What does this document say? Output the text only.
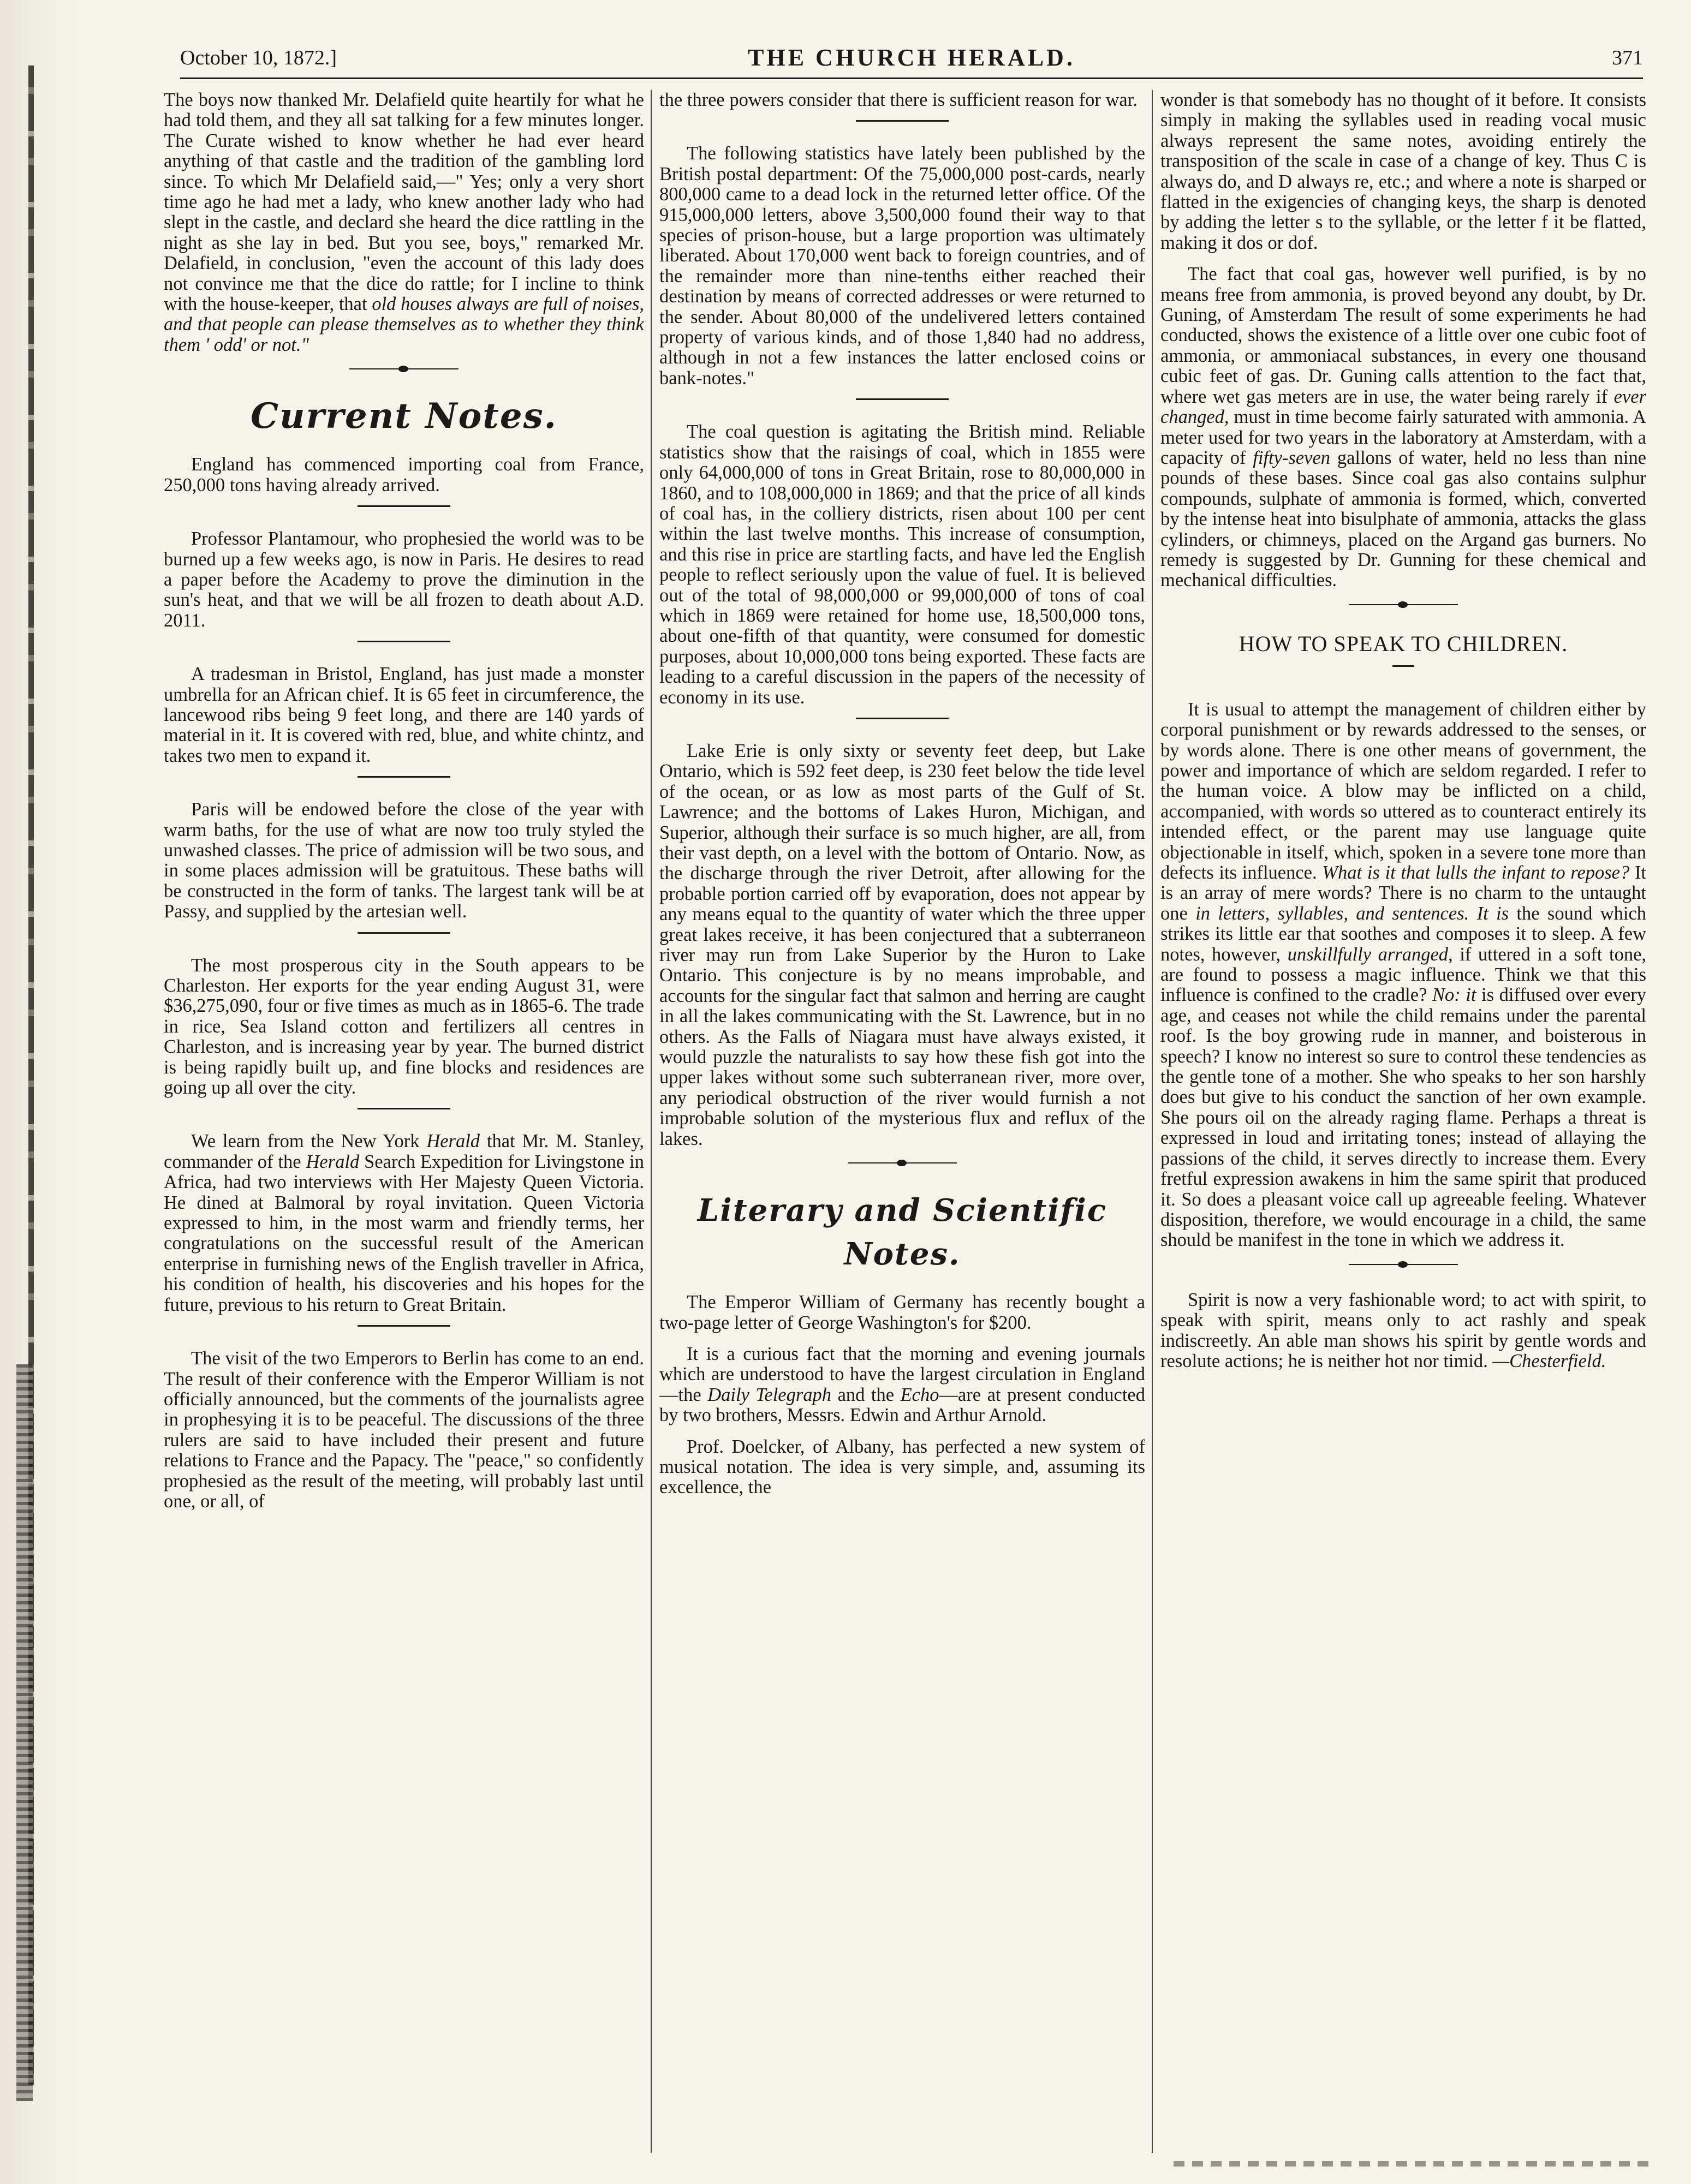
October 10, 1872.]	THE CHURCH HERALD.	371

The boys now thanked Mr. Delafield quite heartily for what he had told them, and they all sat talking for a few minutes longer. The Curate wished to know whether he had ever heard anything of that castle and the tradition of the gambling lord since. To which Mr Delafield said,—" Yes; only a very short time ago he had met a lady, who knew another lady who had slept in the castle, and declard she heard the dice rattling in the night as she lay in bed. But you see, boys," remarked Mr. Delafield, in conclusion, "even the account of this lady does not convince me that the dice do rattle; for I incline to think with the house-keeper, that old houses always are full of noises, and that people can please themselves as to whether they think them ' odd' or not."

Current Notes.

England has commenced importing coal from France, 250,000 tons having already arrived.

Professor Plantamour, who prophesied the world was to be burned up a few weeks ago, is now in Paris. He desires to read a paper before the Academy to prove the diminution in the sun's heat, and that we will be all frozen to death about A.D. 2011.

A tradesman in Bristol, England, has just made a monster umbrella for an African chief. It is 65 feet in circumference, the lancewood ribs being 9 feet long, and there are 140 yards of material in it. It is covered with red, blue, and white chintz, and takes two men to expand it.

Paris will be endowed before the close of the year with warm baths, for the use of what are now too truly styled the unwashed classes. The price of admission will be two sous, and in some places admission will be gratuitous. These baths will be constructed in the form of tanks. The largest tank will be at Passy, and supplied by the artesian well.

The most prosperous city in the South appears to be Charleston. Her exports for the year ending August 31, were $36,275,090, four or five times as much as in 1865-6. The trade in rice, Sea Island cotton and fertilizers all centres in Charleston, and is increasing year by year. The burned district is being rapidly built up, and fine blocks and residences are going up all over the city.

We learn from the New York Herald that Mr. M. Stanley, commander of the Herald Search Expedition for Livingstone in Africa, had two interviews with Her Majesty Queen Victoria. He dined at Balmoral by royal invitation. Queen Victoria expressed to him, in the most warm and friendly terms, her congratulations on the successful result of the American enterprise in furnishing news of the English traveller in Africa, his condition of health, his discoveries and his hopes for the future, previous to his return to Great Britain.

The visit of the two Emperors to Berlin has come to an end. The result of their conference with the Emperor William is not officially announced, but the comments of the journalists agree in prophesying it is to be peaceful. The discussions of the three rulers are said to have included their present and future relations to France and the Papacy. The "peace," so confidently prophesied as the result of the meeting, will probably last until one, or all, of

the three powers consider that there is sufficient reason for war.

The following statistics have lately been published by the British postal department: Of the 75,000,000 post-cards, nearly 800,000 came to a dead lock in the returned letter office. Of the 915,000,000 letters, above 3,500,000 found their way to that species of prison-house, but a large proportion was ultimately liberated. About 170,000 went back to foreign countries, and of the remainder more than nine-tenths either reached their destination by means of corrected addresses or were returned to the sender. About 80,000 of the undelivered letters contained property of various kinds, and of those 1,840 had no address, although in not a few instances the latter enclosed coins or bank-notes."

The coal question is agitating the British mind. Reliable statistics show that the raisings of coal, which in 1855 were only 64,000,000 of tons in Great Britain, rose to 80,000,000 in 1860, and to 108,000,000 in 1869; and that the price of all kinds of coal has, in the colliery districts, risen about 100 per cent within the last twelve months. This increase of consumption, and this rise in price are startling facts, and have led the English people to reflect seriously upon the value of fuel. It is believed out of the total of 98,000,000 or 99,000,000 of tons of coal which in 1869 were retained for home use, 18,500,000 tons, about one-fifth of that quantity, were consumed for domestic purposes, about 10,000,000 tons being exported. These facts are leading to a careful discussion in the papers of the necessity of economy in its use.

Lake Erie is only sixty or seventy feet deep, but Lake Ontario, which is 592 feet deep, is 230 feet below the tide level of the ocean, or as low as most parts of the Gulf of St. Lawrence; and the bottoms of Lakes Huron, Michigan, and Superior, although their surface is so much higher, are all, from their vast depth, on a level with the bottom of Ontario. Now, as the discharge through the river Detroit, after allowing for the probable portion carried off by evaporation, does not appear by any means equal to the quantity of water which the three upper great lakes receive, it has been conjectured that a subterraneon river may run from Lake Superior by the Huron to Lake Ontario. This conjecture is by no means improbable, and accounts for the singular fact that salmon and herring are caught in all the lakes communicating with the St. Lawrence, but in no others. As the Falls of Niagara must have always existed, it would puzzle the naturalists to say how these fish got into the upper lakes without some such subterranean river, more over, any periodical obstruction of the river would furnish a not improbable solution of the mysterious flux and reflux of the lakes.

Literary and Scientific Notes.

The Emperor William of Germany has recently bought a two-page letter of George Washington's for $200.

It is a curious fact that the morning and evening journals which are understood to have the largest circulation in England—the Daily Telegraph and the Echo—are at present conducted by two brothers, Messrs. Edwin and Arthur Arnold.

Prof. Doelcker, of Albany, has perfected a new system of musical notation. The idea is very simple, and, assuming its excellence, the

wonder is that somebody has no thought of it before. It consists simply in making the syllables used in reading vocal music always represent the same notes, avoiding entirely the transposition of the scale in case of a change of key. Thus C is always do, and D always re, etc.; and where a note is sharped or flatted in the exigencies of changing keys, the sharp is denoted by adding the letter s to the syllable, or the letter f it be flatted, making it dos or dof.

The fact that coal gas, however well purified, is by no means free from ammonia, is proved beyond any doubt, by Dr. Guning, of Amsterdam The result of some experiments he had conducted, shows the existence of a little over one cubic foot of ammonia, or ammoniacal substances, in every one thousand cubic feet of gas. Dr. Guning calls attention to the fact that, where wet gas meters are in use, the water being rarely if ever changed, must in time become fairly saturated with ammonia. A meter used for two years in the laboratory at Amsterdam, with a capacity of fifty-seven gallons of water, held no less than nine pounds of these bases. Since coal gas also contains sulphur compounds, sulphate of ammonia is formed, which, converted by the intense heat into bisulphate of ammonia, attacks the glass cylinders, or chimneys, placed on the Argand gas burners. No remedy is suggested by Dr. Gunning for these chemical and mechanical difficulties.

HOW TO SPEAK TO CHILDREN.

It is usual to attempt the management of children either by corporal punishment or by rewards addressed to the senses, or by words alone. There is one other means of government, the power and importance of which are seldom regarded. I refer to the human voice. A blow may be inflicted on a child, accompanied, with words so uttered as to counteract entirely its intended effect, or the parent may use language quite objectionable in itself, which, spoken in a severe tone more than defects its influence. What is it that lulls the infant to repose? It is an array of mere words? There is no charm to the untaught one in letters, syllables, and sentences. It is the sound which strikes its little ear that soothes and composes it to sleep. A few notes, however, unskillfully arranged, if uttered in a soft tone, are found to possess a magic influence. Think we that this influence is confined to the cradle? No: it is diffused over every age, and ceases not while the child remains under the parental roof. Is the boy growing rude in manner, and boisterous in speech? I know no interest so sure to control these tendencies as the gentle tone of a mother. She who speaks to her son harshly does but give to his conduct the sanction of her own example. She pours oil on the already raging flame. Perhaps a threat is expressed in loud and irritating tones; instead of allaying the passions of the child, it serves directly to increase them. Every fretful expression awakens in him the same spirit that produced it. So does a pleasant voice call up agreeable feeling. Whatever disposition, therefore, we would encourage in a child, the same should be manifest in the tone in which we address it.

Spirit is now a very fashionable word; to act with spirit, to speak with spirit, means only to act rashly and speak indiscreetly. An able man shows his spirit by gentle words and resolute actions; he is neither hot nor timid. —Chesterfield.
